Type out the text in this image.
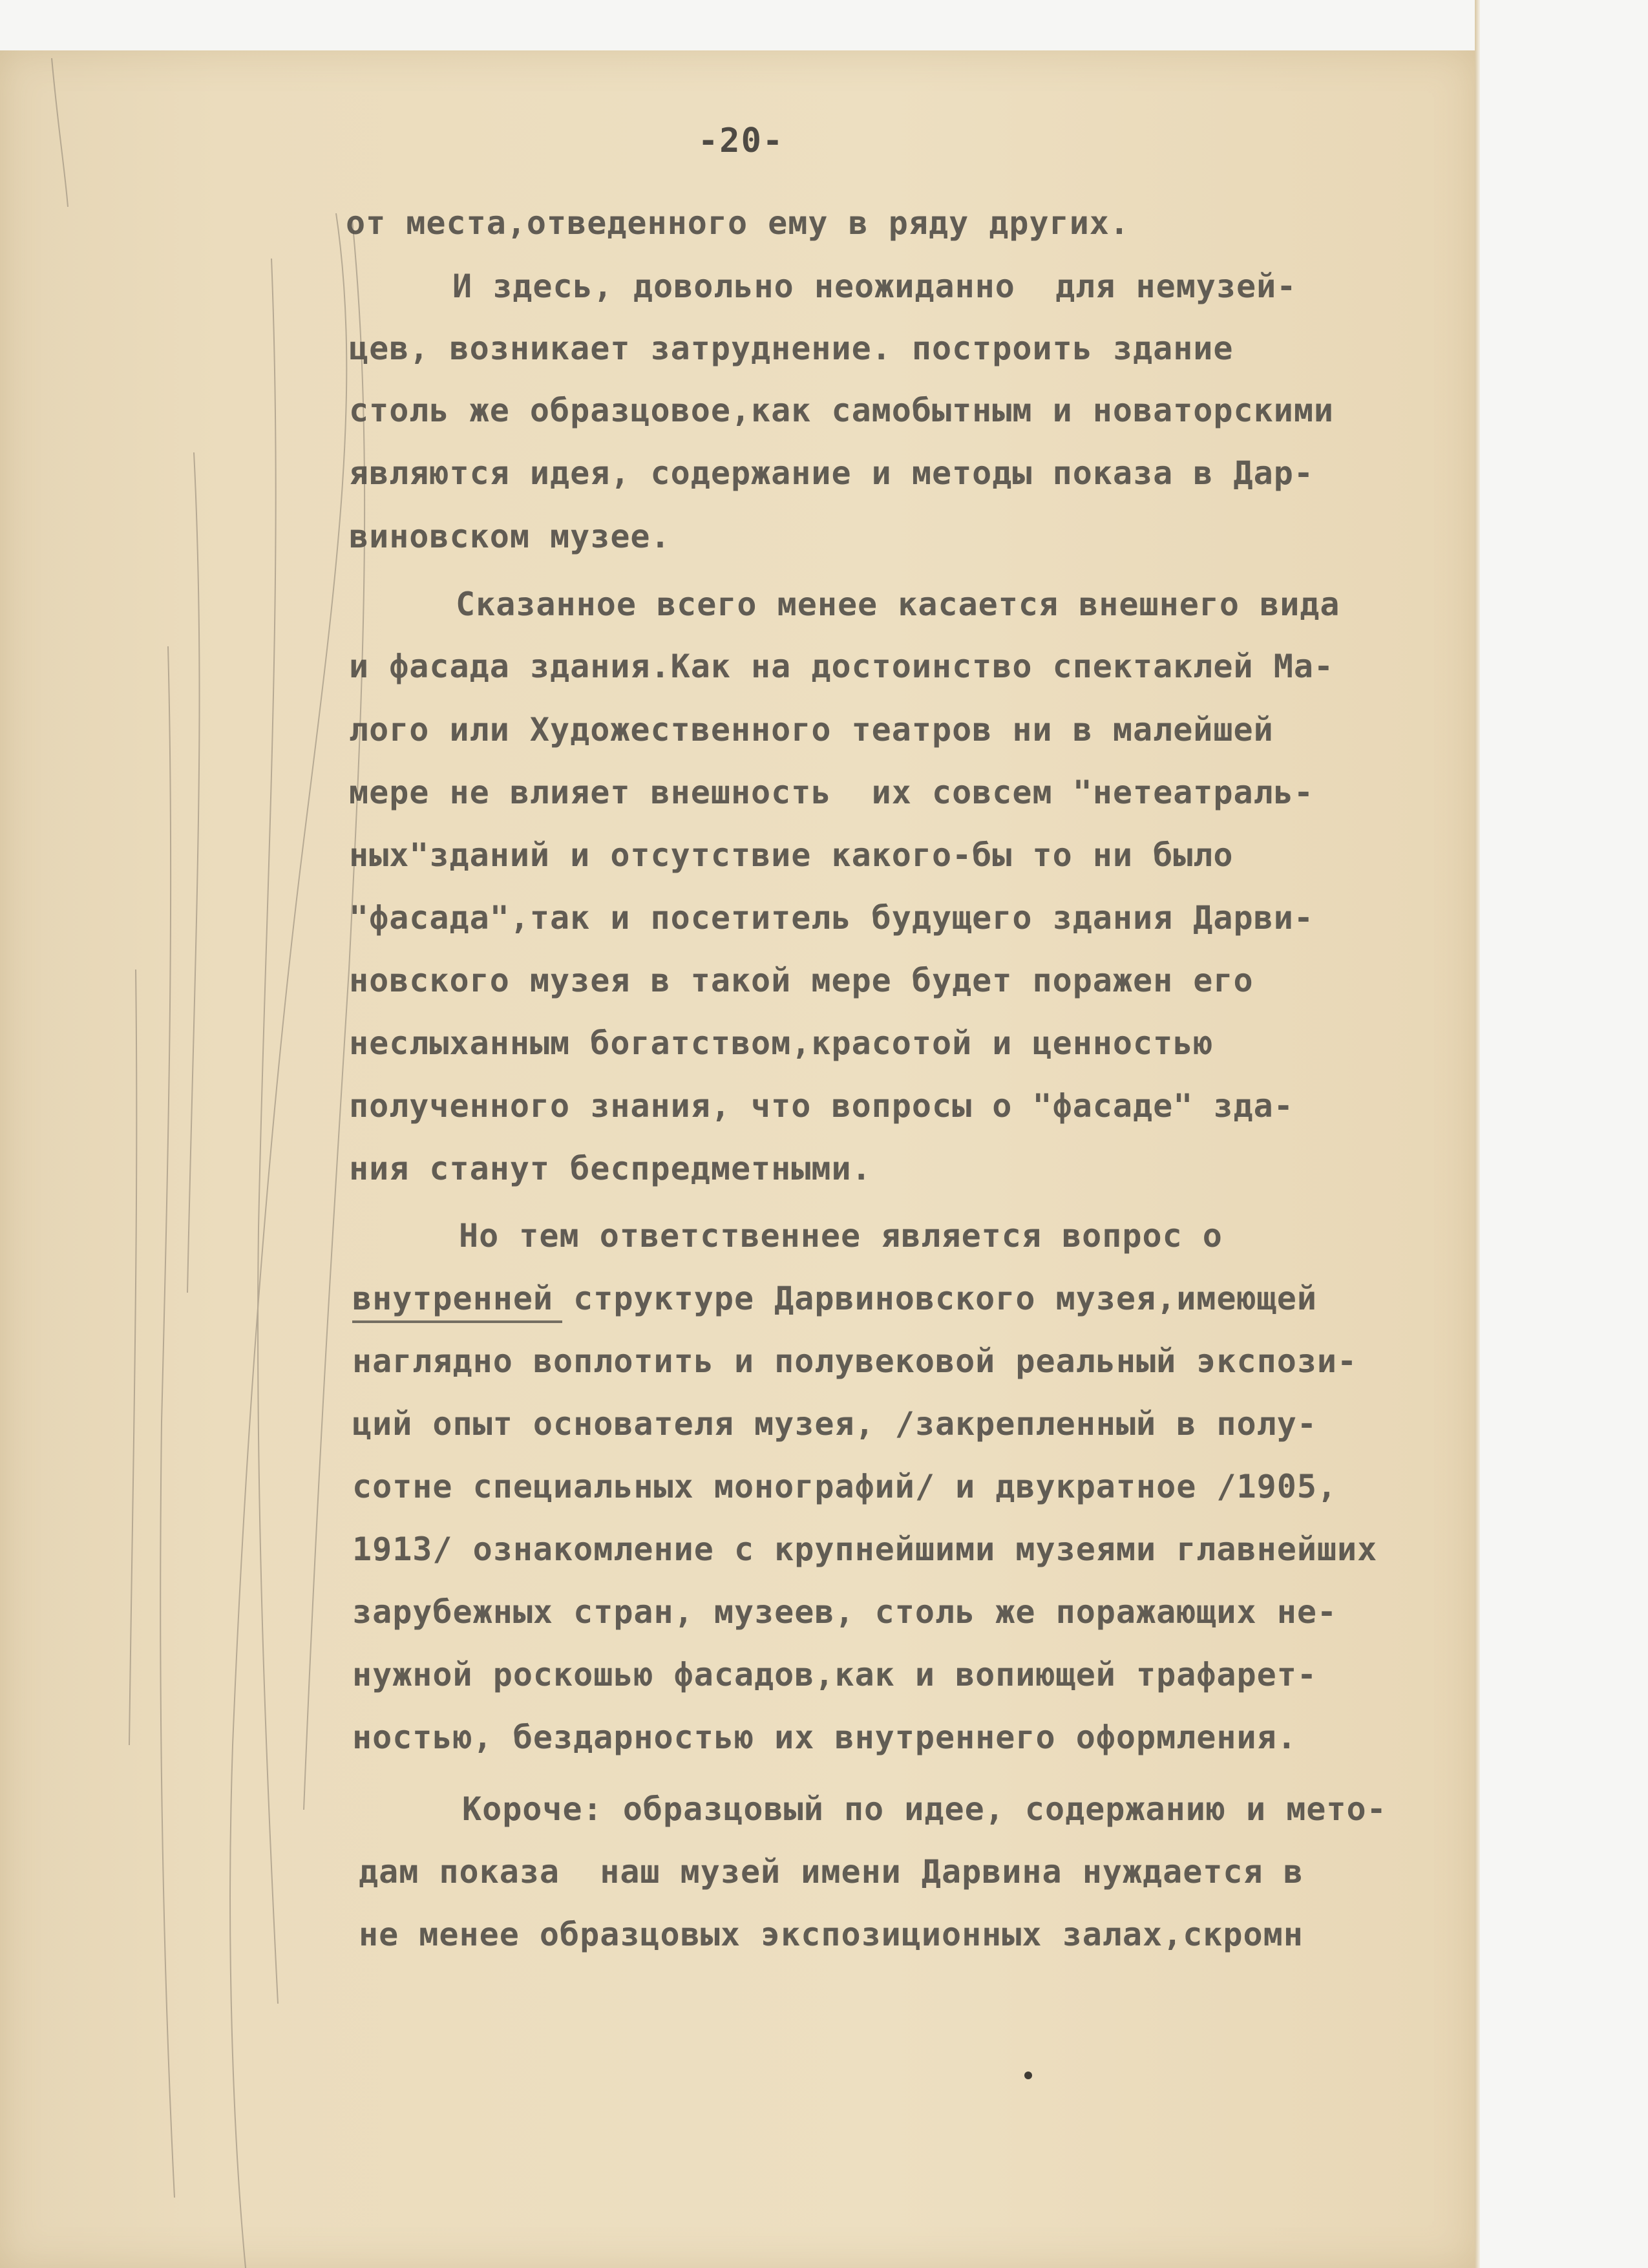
-20-
от места,отведенного ему в ряду других.
И здесь, довольно неожиданно  для немузей-
цев, возникает затруднение. построить здание
столь же образцовое,как самобытным и новаторскими
являются идея, содержание и методы показа в Дар-
виновском музее.
Сказанное всего менее касается внешнего вида
и фасада здания.Как на достоинство спектаклей Ма-
лого или Художественного театров ни в малейшей
мере не влияет внешность  их совсем "нетеатраль-
ных"зданий и отсутствие какого-бы то ни было
"фасада",так и посетитель будущего здания Дарви-
новского музея в такой мере будет поражен его
неслыханным богатством,красотой и ценностью
полученного знания, что вопросы о "фасаде" зда-
ния станут беспредметными.
Но тем ответственнее является вопрос о
внутренней структуре Дарвиновского музея,имеющей
наглядно воплотить и полувековой реальный экспози-
ций опыт основателя музея, /закрепленный в полу-
сотне специальных монографий/ и двукратное /1905,
1913/ ознакомление с крупнейшими музеями главнейших
зарубежных стран, музеев, столь же поражающих не-
нужной роскошью фасадов,как и вопиющей трафарет-
ностью, бездарностью их внутреннего оформления.
Короче: образцовый по идее, содержанию и мето-
дам показа  наш музей имени Дарвина нуждается в
не менее образцовых экспозиционных залах,скромн
